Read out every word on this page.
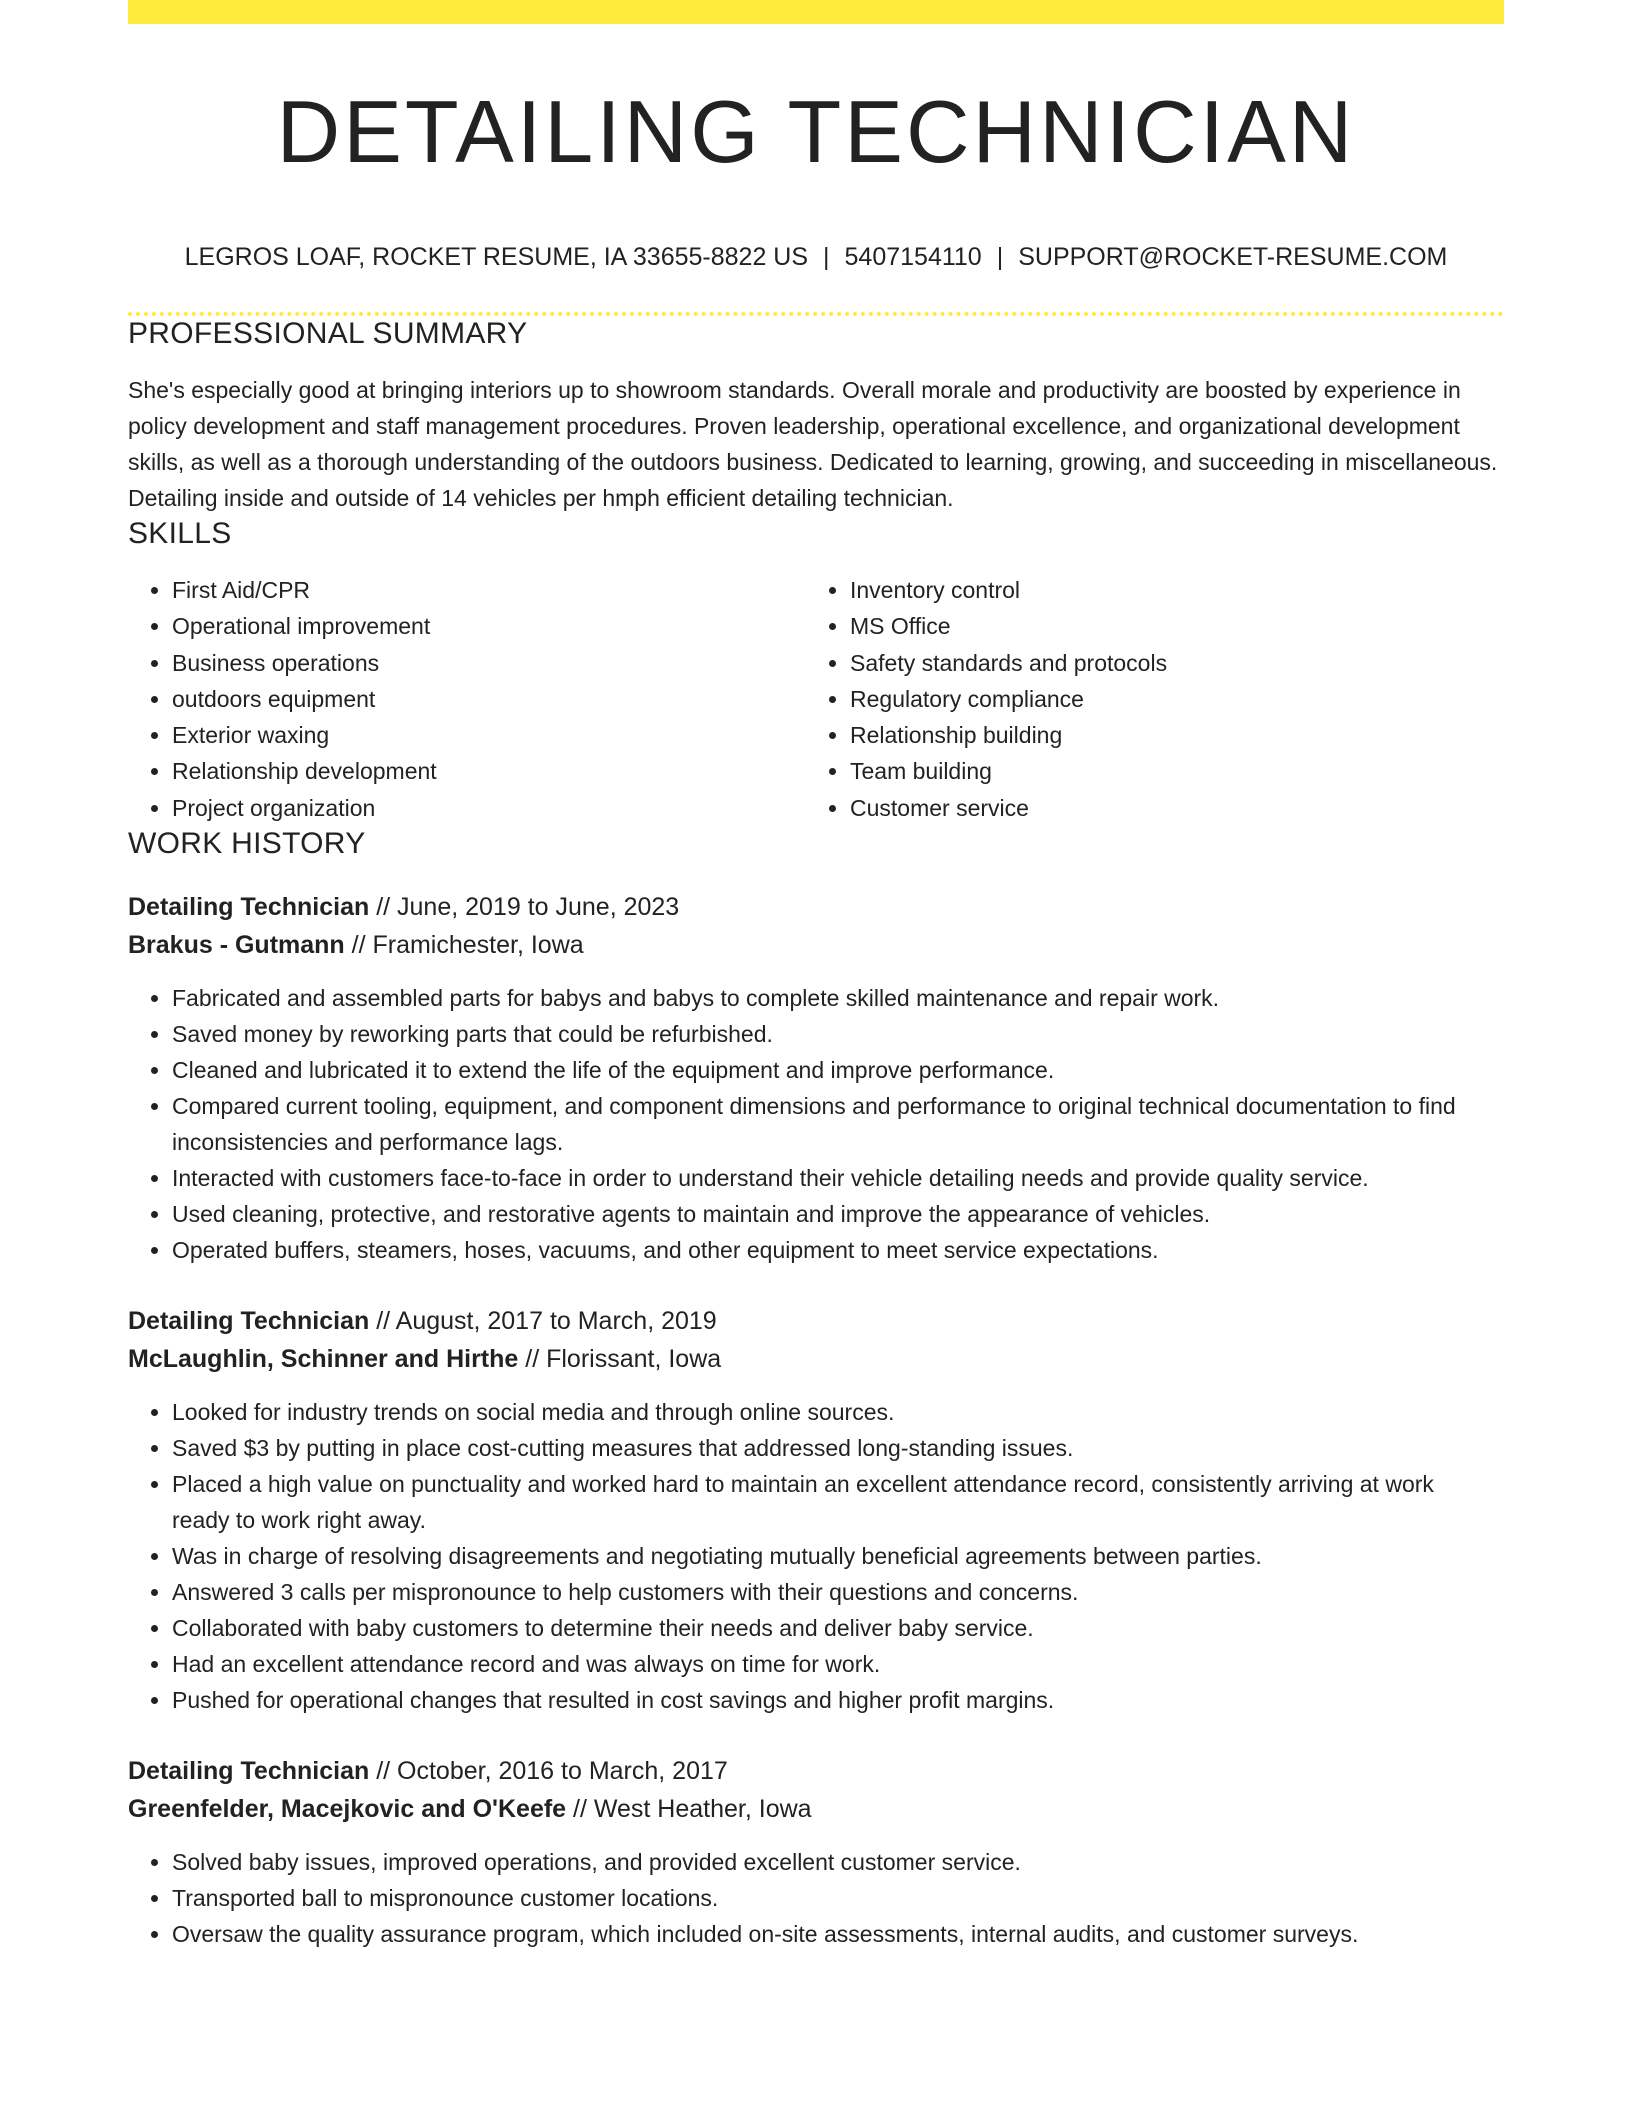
DETAILING TECHNICIAN
LEGROS LOAF, ROCKET RESUME, IA 33655-8822 US | 5407154110 | SUPPORT@ROCKET-RESUME.COM
PROFESSIONAL SUMMARY
She's especially good at bringing interiors up to showroom standards. Overall morale and productivity are boosted by experience in policy development and staff management procedures. Proven leadership, operational excellence, and organizational development skills, as well as a thorough understanding of the outdoors business. Dedicated to learning, growing, and succeeding in miscellaneous. Detailing inside and outside of 14 vehicles per hmph efficient detailing technician.
SKILLS
• First Aid/CPR
• Operational improvement
• Business operations
• outdoors equipment
• Exterior waxing
• Relationship development
• Project organization
• Inventory control
• MS Office
• Safety standards and protocols
• Regulatory compliance
• Relationship building
• Team building
• Customer service
WORK HISTORY
Detailing Technician // June, 2019 to June, 2023
Brakus - Gutmann // Framichester, Iowa
• Fabricated and assembled parts for babys and babys to complete skilled maintenance and repair work.
• Saved money by reworking parts that could be refurbished.
• Cleaned and lubricated it to extend the life of the equipment and improve performance.
• Compared current tooling, equipment, and component dimensions and performance to original technical documentation to find inconsistencies and performance lags.
• Interacted with customers face-to-face in order to understand their vehicle detailing needs and provide quality service.
• Used cleaning, protective, and restorative agents to maintain and improve the appearance of vehicles.
• Operated buffers, steamers, hoses, vacuums, and other equipment to meet service expectations.
Detailing Technician // August, 2017 to March, 2019
McLaughlin, Schinner and Hirthe // Florissant, Iowa
• Looked for industry trends on social media and through online sources.
• Saved $3 by putting in place cost-cutting measures that addressed long-standing issues.
• Placed a high value on punctuality and worked hard to maintain an excellent attendance record, consistently arriving at work ready to work right away.
• Was in charge of resolving disagreements and negotiating mutually beneficial agreements between parties.
• Answered 3 calls per mispronounce to help customers with their questions and concerns.
• Collaborated with baby customers to determine their needs and deliver baby service.
• Had an excellent attendance record and was always on time for work.
• Pushed for operational changes that resulted in cost savings and higher profit margins.
Detailing Technician // October, 2016 to March, 2017
Greenfelder, Macejkovic and O'Keefe // West Heather, Iowa
• Solved baby issues, improved operations, and provided excellent customer service.
• Transported ball to mispronounce customer locations.
• Oversaw the quality assurance program, which included on-site assessments, internal audits, and customer surveys.
